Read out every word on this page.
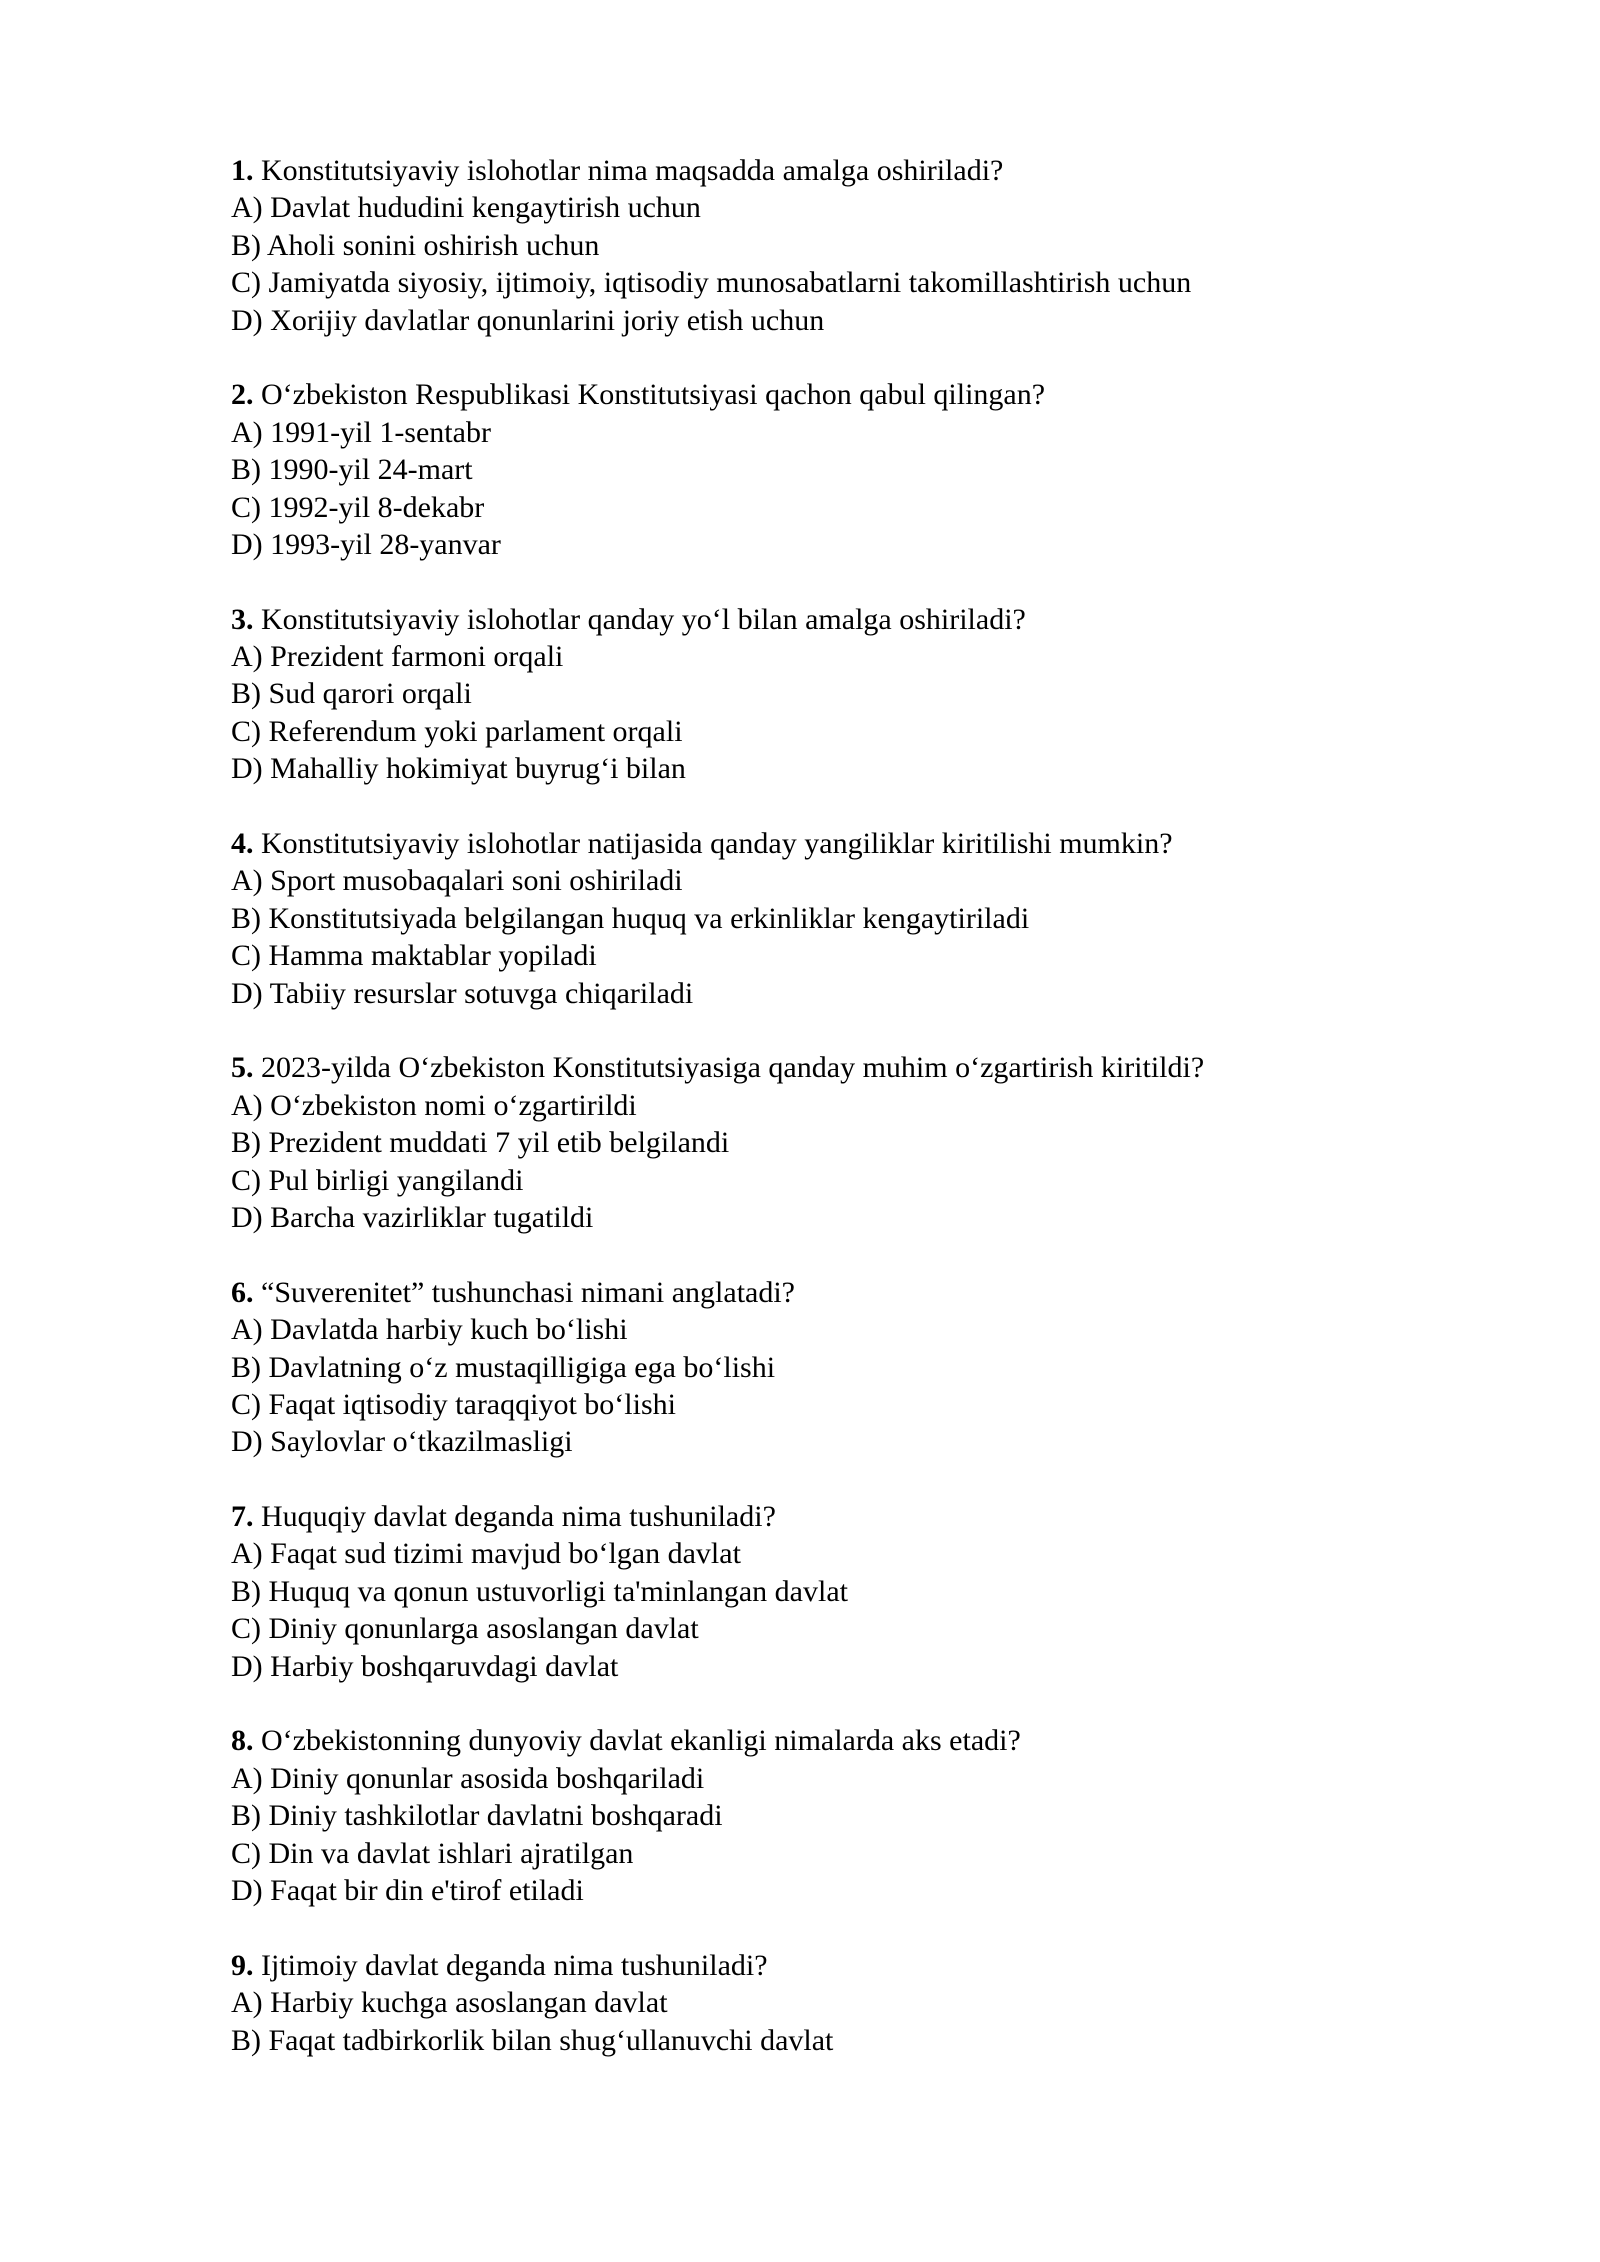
1. Konstitutsiyaviy islohotlar nima maqsadda amalga oshiriladi?
A) Davlat hududini kengaytirish uchun
B) Aholi sonini oshirish uchun
C) Jamiyatda siyosiy, ijtimoiy, iqtisodiy munosabatlarni takomillashtirish uchun
D) Xorijiy davlatlar qonunlarini joriy etish uchun
2. O‘zbekiston Respublikasi Konstitutsiyasi qachon qabul qilingan?
A) 1991-yil 1-sentabr
B) 1990-yil 24-mart
C) 1992-yil 8-dekabr
D) 1993-yil 28-yanvar
3. Konstitutsiyaviy islohotlar qanday yo‘l bilan amalga oshiriladi?
A) Prezident farmoni orqali
B) Sud qarori orqali
C) Referendum yoki parlament orqali
D) Mahalliy hokimiyat buyrug‘i bilan
4. Konstitutsiyaviy islohotlar natijasida qanday yangiliklar kiritilishi mumkin?
A) Sport musobaqalari soni oshiriladi
B) Konstitutsiyada belgilangan huquq va erkinliklar kengaytiriladi
C) Hamma maktablar yopiladi
D) Tabiiy resurslar sotuvga chiqariladi
5. 2023-yilda O‘zbekiston Konstitutsiyasiga qanday muhim o‘zgartirish kiritildi?
A) O‘zbekiston nomi o‘zgartirildi
B) Prezident muddati 7 yil etib belgilandi
C) Pul birligi yangilandi
D) Barcha vazirliklar tugatildi
6. “Suverenitet” tushunchasi nimani anglatadi?
A) Davlatda harbiy kuch bo‘lishi
B) Davlatning o‘z mustaqilligiga ega bo‘lishi
C) Faqat iqtisodiy taraqqiyot bo‘lishi
D) Saylovlar o‘tkazilmasligi
7. Huquqiy davlat deganda nima tushuniladi?
A) Faqat sud tizimi mavjud bo‘lgan davlat
B) Huquq va qonun ustuvorligi ta'minlangan davlat
C) Diniy qonunlarga asoslangan davlat
D) Harbiy boshqaruvdagi davlat
8. O‘zbekistonning dunyoviy davlat ekanligi nimalarda aks etadi?
A) Diniy qonunlar asosida boshqariladi
B) Diniy tashkilotlar davlatni boshqaradi
C) Din va davlat ishlari ajratilgan
D) Faqat bir din e'tirof etiladi
9. Ijtimoiy davlat deganda nima tushuniladi?
A) Harbiy kuchga asoslangan davlat
B) Faqat tadbirkorlik bilan shug‘ullanuvchi davlat
